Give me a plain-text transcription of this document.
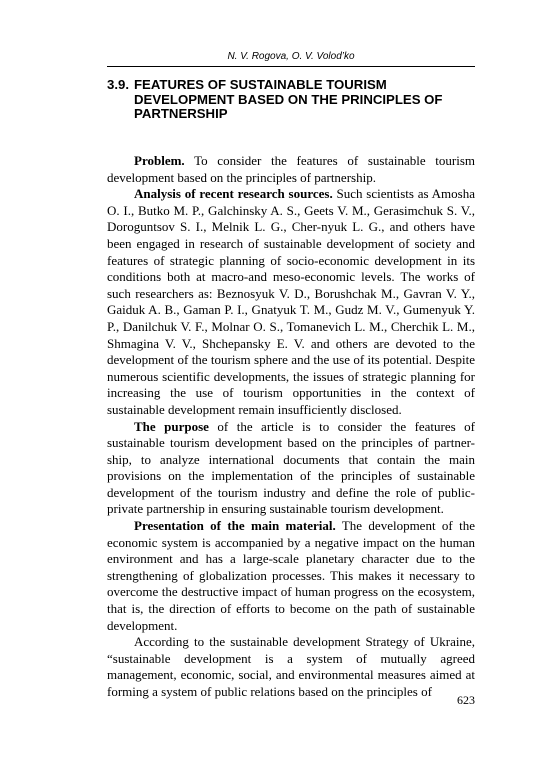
N. V. Rogova, O. V. Volod’ko
3.9. FEATURES OF SUSTAINABLE TOURISM
DEVELOPMENT BASED ON THE PRINCIPLES OF
PARTNERSHIP

Problem. To consider the features of sustainable tourism development based on the principles of partnership.

Analysis of recent research sources. Such scientists as Amosha O. I., Butko M. P., Galchinsky A. S., Geets V. M., Gerasimchuk S. V., Doroguntsov S. I., Melnik L. G., Cher-nyuk L. G., and others have been engaged in research of sustainable development of society and features of strategic planning of socio-economic development in its conditions both at macro-and meso-economic levels. The works of such researchers as: Beznosyuk V. D., Borushchak M., Gavran V. Y., Gaiduk A. B., Gaman P. I., Gnatyuk T. M., Gudz M. V., Gumenyuk Y. P., Danilchuk V. F., Molnar O. S., Tomanevich L. M., Cherchik L. M., Shmagina V. V., Shchepansky E. V. and others are devoted to the development of the tourism sphere and the use of its potential. Despite numerous scientific developments, the issues of strategic planning for increasing the use of tourism opportunities in the context of sustainable development remain insufficiently disclosed.

The purpose of the article is to consider the features of sustainable tourism development based on the principles of partner-ship, to analyze international documents that contain the main provisions on the implementation of the principles of sustainable development of the tourism industry and define the role of public-private partnership in ensuring sustainable tourism development.

Presentation of the main material. The development of the economic system is accompanied by a negative impact on the human environment and has a large-scale planetary character due to the strengthening of globalization processes. This makes it necessary to overcome the destructive impact of human progress on the ecosystem, that is, the direction of efforts to become on the path of sustainable development.

According to the sustainable development Strategy of Ukraine, “sustainable development is a system of mutually agreed management, economic, social, and environmental measures aimed at forming a system of public relations based on the principles of

623
